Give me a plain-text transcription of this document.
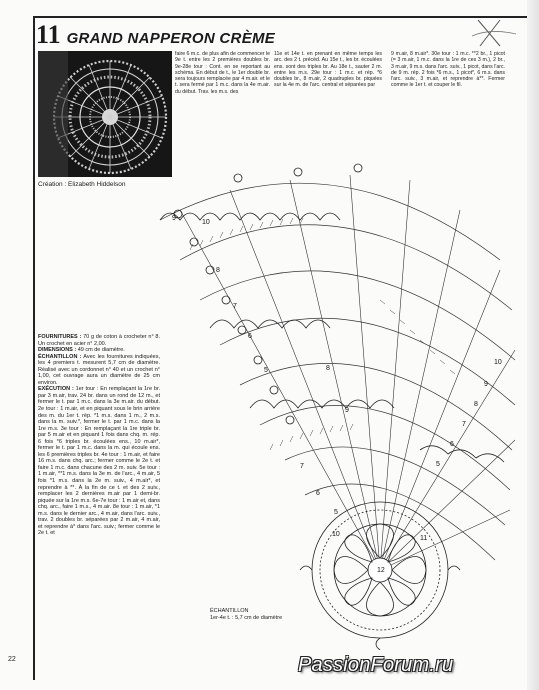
11 GRAND NAPPERON CRÈME
Création : Elizabeth Hiddelson
faire 6 m.c. de plus afin de commencer le 9e t. entre les 2 premières doubles br. 9e-28e tour : Cont. en se reportant au schéma. En début de t., le 1er double br. sera toujours remplacée par 4 m.air. et le t. sera fermé par 1 m.c. dans la 4e m.air. du début. Trav. les m.s. des
11e et 14e t. en prenant en même temps les arc. des 2 t. précéd. Au 15e t., les br. écoulées ens. sont des triples br. Au 18e t., sauter 2 m. entre les m.s. 29e tour : 1 m.c. et rép. *6 doubles br., 8 m.air, 2 quadruples br. piquées sur la 4e m. de l'arc. central et séparées par
9 m.air, 8 m.air*. 30e tour : 1 m.c. **2 br., 1 picot (= 3 m.air, 1 m.c. dans la 1re de ces 3 m.), 2 br., 3 m.air, 9 m.s. dans l'arc. suiv., 1 picot, dans l'arc. de 9 m. rép. 2 fois *6 m.s., 1 picot*, 6 m.s. dans l'arc. suiv., 3 m.air, et reprendre à**. Fermer comme le 1er t. et couper le fil.
10
9
8
7
6
5
12
11
10
9
8
7
6
5
5
6
7
8
9
10
FOURNITURES : 70 g de coton à crocheter n° 8. Un crochet en acier n° 2,00.
DIMENSIONS : 49 cm de diamètre.
ÉCHANTILLON : Avec les fournitures indiquées, les 4 premiers t. mesurent 5,7 cm de diamètre. Réalisé avec un cordonnet n° 40 et un crochet n° 1,00, cet ouvrage aura un diamètre de 25 cm environ.
EXÉCUTION : 1er tour : En remplaçant la 1re br. par 3 m.air, trav. 24 br. dans un rond de 12 m., et fermer le t. par 1 m.c. dans la 3e m.air. du début. 2e tour : 1 m.air, et en piquant sous le brin arrière des m. du 1er t. rép. *1 m.s. dans 1 m., 2 m.s. dans la m. suiv.*, fermer le t. par 1 m.c. dans la 1re m.s. 3e tour : En remplaçant la 1re triple br. par 5 m.air et en piquant 1 fois dans chq. m. rép. 6 fois *6 triples br. écoulées ens., 10 m.air*, fermer le t. par 1 m.c. dans la m. qui écoule ens. les 6 premières triples br. 4e tour : 1 m.air, et faire 16 m.s. dans chq. arc.; fermer comme le 2e t. et faire 1 m.c. dans chacune des 2 m. suiv. 5e tour : 1 m.air, **1 m.s. dans la 3e m. de l'arc., 4 m.air, 5 fois *1 m.s. dans la 2e m. suiv., 4 m.air*, et reprendre à **. À la fin de ce t. et des 2 suiv., remplacer les 2 dernières m.air par 1 demi-br. piquée sur la 1re m.s. 6e-7e tour : 1 m.air et, dans chq. arc., faire 1 m.s., 4 m.air. 8e tour : 1 m.air, *1 m.s. dans le dernier arc., 4 m.air, dans l'arc. suiv., trav. 2 doubles br. séparées par 2 m.air, 4 m.air, et reprendre à* dans l'arc. suiv.; fermer comme le 2e t. et
ÉCHANTILLON
1er-4e t. : 5,7 cm de diamètre
22	PassionForum.ru
